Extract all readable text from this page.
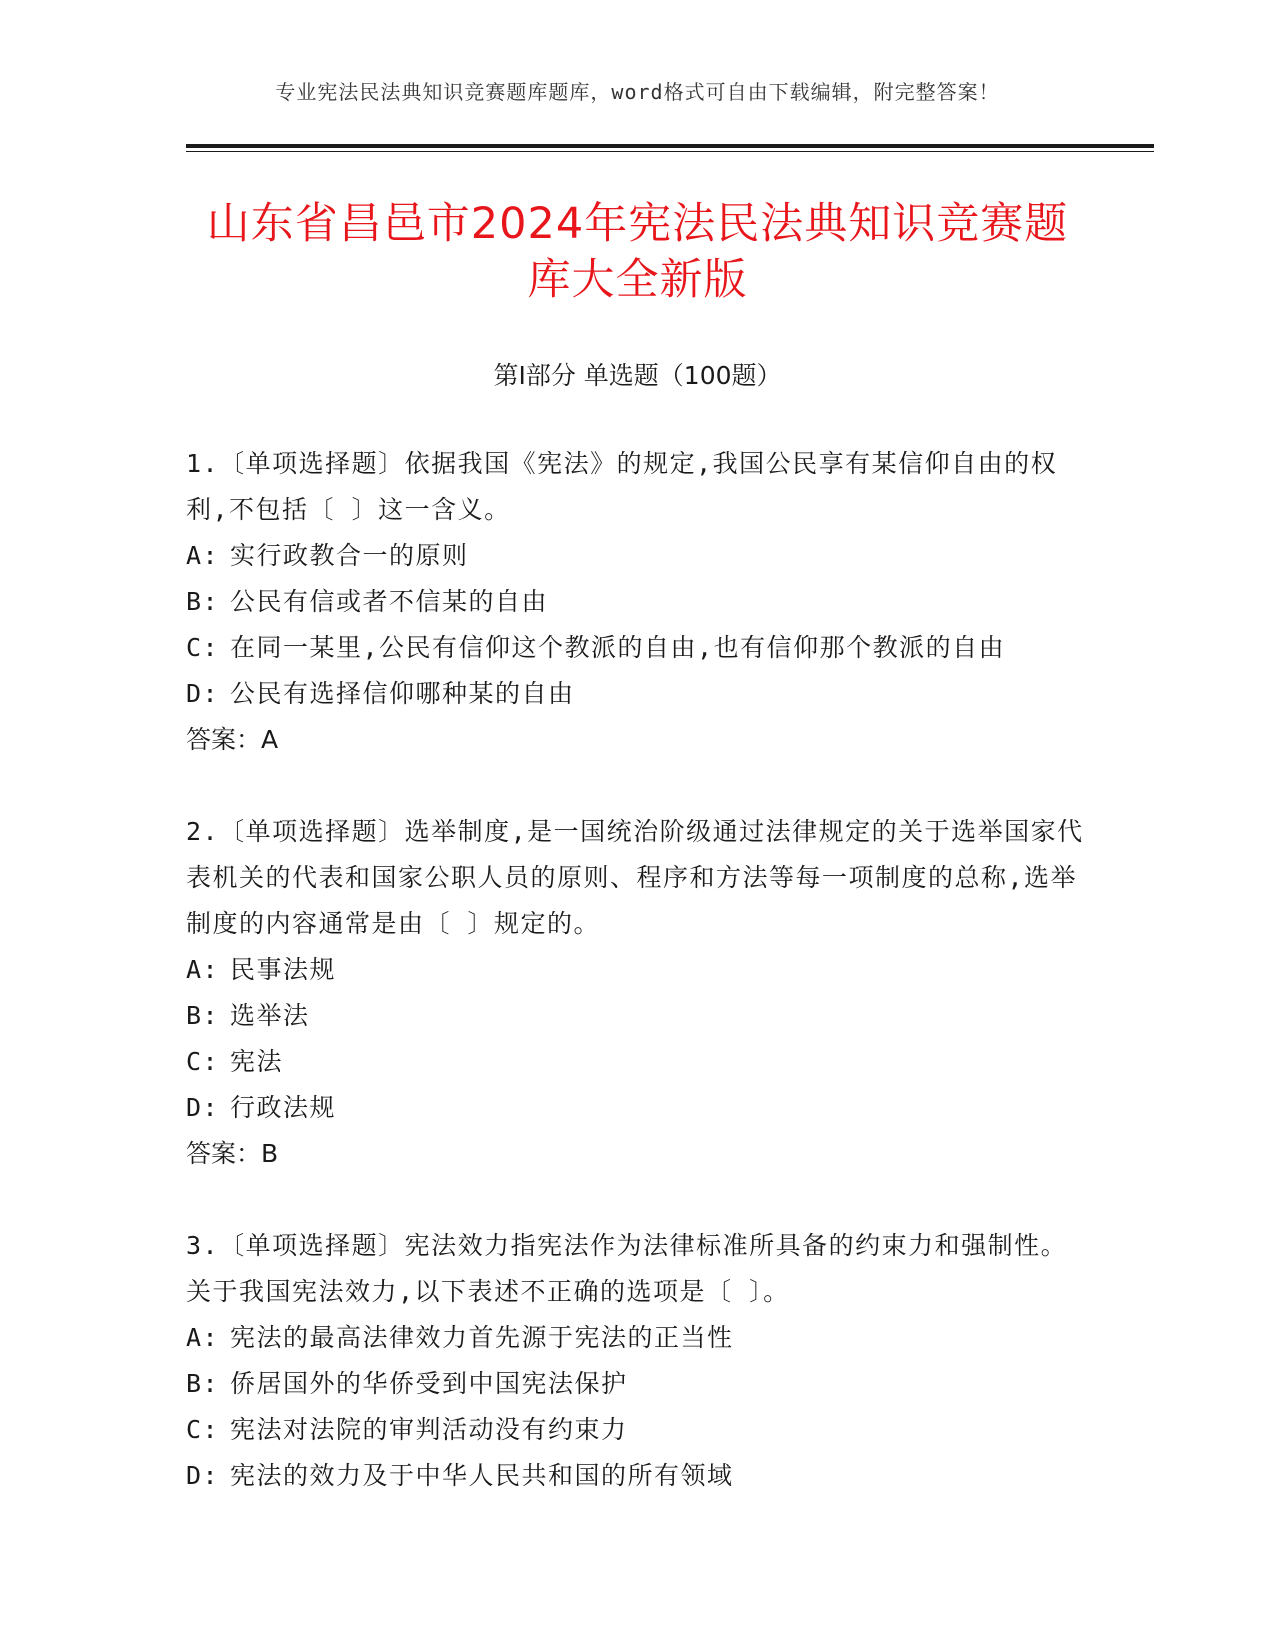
专业宪法民法典知识竞赛题库题库，word格式可自由下载编辑，附完整答案！
山东省昌邑市2024年宪法民法典知识竞赛题
库大全新版
第Ⅰ部分 单选题（100题）

1.〔单项选择题〕依据我国《宪法》的规定,我国公民享有某信仰自由的权利,不包括〔 〕这一含义。

A: 实行政教合一的原则

B: 公民有信或者不信某的自由

C: 在同一某里,公民有信仰这个教派的自由,也有信仰那个教派的自由

D: 公民有选择信仰哪种某的自由

答案：A

2.〔单项选择题〕选举制度,是一国统治阶级通过法律规定的关于选举国家代表机关的代表和国家公职人员的原则、程序和方法等每一项制度的总称,选举制度的内容通常是由〔 〕规定的。

A: 民事法规

B: 选举法

C: 宪法

D: 行政法规

答案：B

3.〔单项选择题〕宪法效力指宪法作为法律标准所具备的约束力和强制性。关于我国宪法效力,以下表述不正确的选项是〔 〕。

A: 宪法的最高法律效力首先源于宪法的正当性

B: 侨居国外的华侨受到中国宪法保护

C: 宪法对法院的审判活动没有约束力

D: 宪法的效力及于中华人民共和国的所有领域
